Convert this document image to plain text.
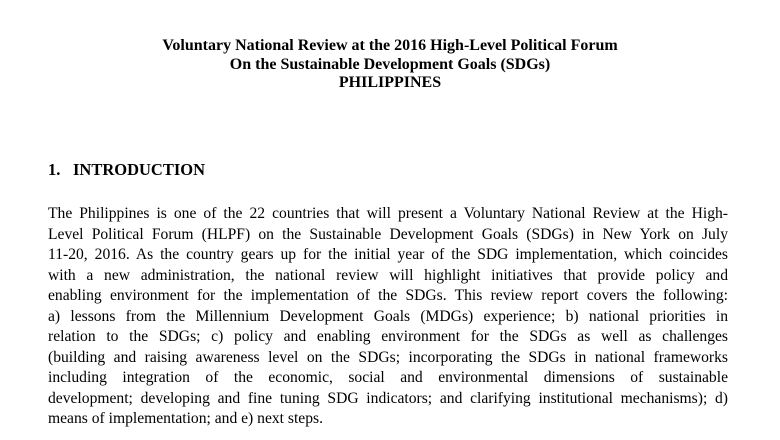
Voluntary National Review at the 2016 High-Level Political Forum
On the Sustainable Development Goals (SDGs)
PHILIPPINES
1. INTRODUCTION
The Philippines is one of the 22 countries that will present a Voluntary National Review at the High-
Level Political Forum (HLPF) on the Sustainable Development Goals (SDGs) in New York on July
11-20, 2016. As the country gears up for the initial year of the SDG implementation, which coincides
with a new administration, the national review will highlight initiatives that provide policy and
enabling environment for the implementation of the SDGs. This review report covers the following:
a) lessons from the Millennium Development Goals (MDGs) experience; b) national priorities in
relation to the SDGs; c) policy and enabling environment for the SDGs as well as challenges
(building and raising awareness level on the SDGs; incorporating the SDGs in national frameworks
including integration of the economic, social and environmental dimensions of sustainable
development; developing and fine tuning SDG indicators; and clarifying institutional mechanisms); d)
means of implementation; and e) next steps.
